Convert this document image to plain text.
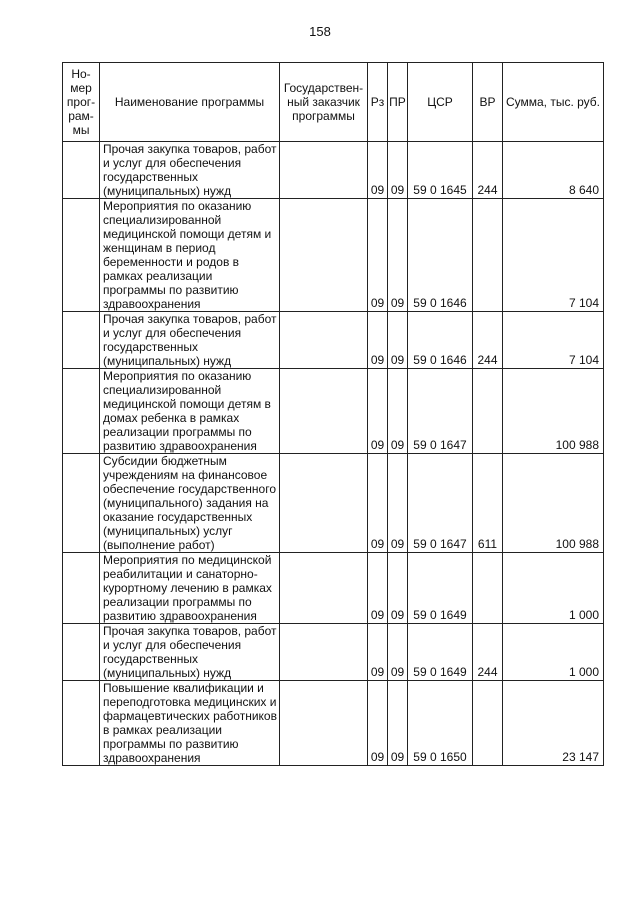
158
Но-мер прог-рам-мы	Наименование программы	Государствен-ный заказчик программы	Рз	ПР	ЦСР	ВР	Сумма, тыс. руб.
	Прочая закупка товаров, работ и услуг для обеспечения государственных (муниципальных) нужд		09	09	59 0 1645	244	8 640
	Мероприятия по оказанию специализированной медицинской помощи детям и женщинам в период беременности и родов в рамках реализации программы по развитию здравоохранения		09	09	59 0 1646		7 104
	Прочая закупка товаров, работ и услуг для обеспечения государственных (муниципальных) нужд		09	09	59 0 1646	244	7 104
	Мероприятия по оказанию специализированной медицинской помощи детям в домах ребенка в рамках реализации программы по развитию здравоохранения		09	09	59 0 1647		100 988
	Субсидии бюджетным учреждениям на финансовое обеспечение государственного (муниципального) задания на оказание государственных (муниципальных) услуг (выполнение работ)		09	09	59 0 1647	611	100 988
	Мероприятия по медицинской реабилитации и санаторно-курортному лечению в рамках реализации программы по развитию здравоохранения		09	09	59 0 1649		1 000
	Прочая закупка товаров, работ и услуг для обеспечения государственных (муниципальных) нужд		09	09	59 0 1649	244	1 000
	Повышение квалификации и переподготовка медицинских и фармацевтических работников в рамках реализации программы по развитию здравоохранения		09	09	59 0 1650		23 147
